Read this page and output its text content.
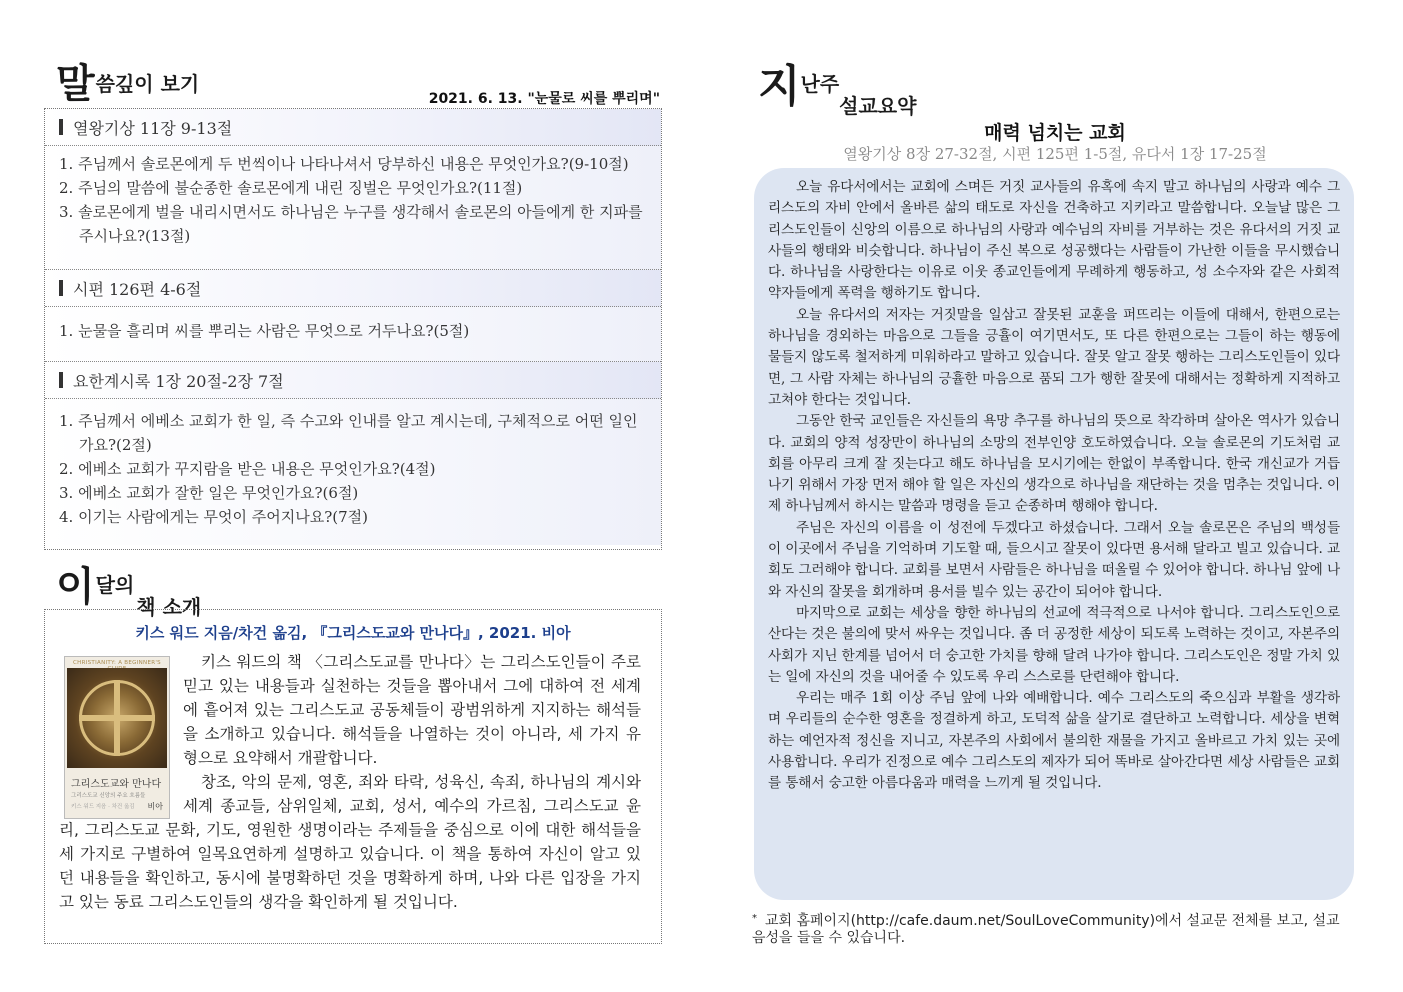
말씀깊이 보기
2021. 6. 13. "눈물로 씨를 뿌리며"
열왕기상 11장 9-13절
1. 주님께서 솔로몬에게 두 번씩이나 나타나셔서 당부하신 내용은 무엇인가요?(9-10절)
2. 주님의 말씀에 불순종한 솔로몬에게 내린 징벌은 무엇인가요?(11절)
3. 솔로몬에게 벌을 내리시면서도 하나님은 누구를 생각해서 솔로몬의 아들에게 한 지파를 주시나요?(13절)
시편 126편 4-6절
1. 눈물을 흘리며 씨를 뿌리는 사람은 무엇으로 거두나요?(5절)
요한계시록 1장 20절-2장 7절
1. 주님께서 에베소 교회가 한 일, 즉 수고와 인내를 알고 계시는데, 구체적으로 어떤 일인가요?(2절)
2. 에베소 교회가 꾸지람을 받은 내용은 무엇인가요?(4절)
3. 에베소 교회가 잘한 일은 무엇인가요?(6절)
4. 이기는 사람에게는 무엇이 주어지나요?(7절)
이달의책 소개
키스 워드 지음/차건 옮김, 『그리스도교와 만나다』, 2021. 비아
CHRISTIANITY: A BEGINNER'S
그리스도교와 만나다
그리스도교 신앙의 주요 흐름들
키스 워드 지음 · 차건 옮김 비아

키스 워드의 책 〈그리스도교를 만나다〉는 그리스도인들이 주로 믿고 있는 내용들과 실천하는 것들을 뽑아내서 그에 대하여 전 세계에 흩어져 있는 그리스도교 공동체들이 광범위하게 지지하는 해석들을 소개하고 있습니다. 해석들을 나열하는 것이 아니라, 세 가지 유형으로 요약해서 개괄합니다.

창조, 악의 문제, 영혼, 죄와 타락, 성육신, 속죄, 하나님의 계시와 세계 종교들, 삼위일체, 교회, 성서, 예수의 가르침, 그리스도교 윤리, 그리스도교 문화, 기도, 영원한 생명이라는 주제들을 중심으로 이에 대한 해석들을 세 가지로 구별하여 일목요연하게 설명하고 있습니다. 이 책을 통하여 자신이 알고 있던 내용들을 확인하고, 동시에 불명확하던 것을 명확하게 하며, 나와 다른 입장을 가지고 있는 동료 그리스도인들의 생각을 확인하게 될 것입니다.

지난주설교요약
매력 넘치는 교회
열왕기상 8장 27-32절, 시편 125편 1-5절, 유다서 1장 17-25절

오늘 유다서에서는 교회에 스며든 거짓 교사들의 유혹에 속지 말고 하나님의 사랑과 예수 그리스도의 자비 안에서 올바른 삶의 태도로 자신을 건축하고 지키라고 말씀합니다. 오늘날 많은 그리스도인들이 신앙의 이름으로 하나님의 사랑과 예수님의 자비를 거부하는 것은 유다서의 거짓 교사들의 행태와 비슷합니다. 하나님이 주신 복으로 성공했다는 사람들이 가난한 이들을 무시했습니다. 하나님을 사랑한다는 이유로 이웃 종교인들에게 무례하게 행동하고, 성 소수자와 같은 사회적 약자들에게 폭력을 행하기도 합니다.

오늘 유다서의 저자는 거짓말을 일삼고 잘못된 교훈을 퍼뜨리는 이들에 대해서, 한편으로는 하나님을 경외하는 마음으로 그들을 긍휼이 여기면서도, 또 다른 한편으로는 그들이 하는 행동에 물들지 않도록 철저하게 미워하라고 말하고 있습니다. 잘못 알고 잘못 행하는 그리스도인들이 있다면, 그 사람 자체는 하나님의 긍휼한 마음으로 품되 그가 행한 잘못에 대해서는 정확하게 지적하고 고쳐야 한다는 것입니다.

그동안 한국 교인들은 자신들의 욕망 추구를 하나님의 뜻으로 착각하며 살아온 역사가 있습니다. 교회의 양적 성장만이 하나님의 소망의 전부인양 호도하였습니다. 오늘 솔로몬의 기도처럼 교회를 아무리 크게 잘 짓는다고 해도 하나님을 모시기에는 한없이 부족합니다. 한국 개신교가 거듭나기 위해서 가장 먼저 해야 할 일은 자신의 생각으로 하나님을 재단하는 것을 멈추는 것입니다. 이제 하나님께서 하시는 말씀과 명령을 듣고 순종하며 행해야 합니다.

주님은 자신의 이름을 이 성전에 두겠다고 하셨습니다. 그래서 오늘 솔로몬은 주님의 백성들이 이곳에서 주님을 기억하며 기도할 때, 들으시고 잘못이 있다면 용서해 달라고 빌고 있습니다. 교회도 그러해야 합니다. 교회를 보면서 사람들은 하나님을 떠올릴 수 있어야 합니다. 하나님 앞에 나와 자신의 잘못을 회개하며 용서를 빌수 있는 공간이 되어야 합니다.

마지막으로 교회는 세상을 향한 하나님의 선교에 적극적으로 나서야 합니다. 그리스도인으로 산다는 것은 불의에 맞서 싸우는 것입니다. 좀 더 공정한 세상이 되도록 노력하는 것이고, 자본주의 사회가 지닌 한계를 넘어서 더 숭고한 가치를 향해 달려 나가야 합니다. 그리스도인은 정말 가치 있는 일에 자신의 것을 내어줄 수 있도록 우리 스스로를 단련해야 합니다.

우리는 매주 1회 이상 주님 앞에 나와 예배합니다. 예수 그리스도의 죽으심과 부활을 생각하며 우리들의 순수한 영혼을 정결하게 하고, 도덕적 삶을 살기로 결단하고 노력합니다. 세상을 변혁하는 예언자적 정신을 지니고, 자본주의 사회에서 불의한 재물을 가지고 올바르고 가치 있는 곳에 사용합니다. 우리가 진정으로 예수 그리스도의 제자가 되어 똑바로 살아간다면 세상 사람들은 교회를 통해서 숭고한 아름다움과 매력을 느끼게 될 것입니다.

* 교회 홈페이지(http://cafe.daum.net/SoulLoveCommunity)에서 설교문 전체를 보고, 설교 음성을 들을 수 있습니다.
